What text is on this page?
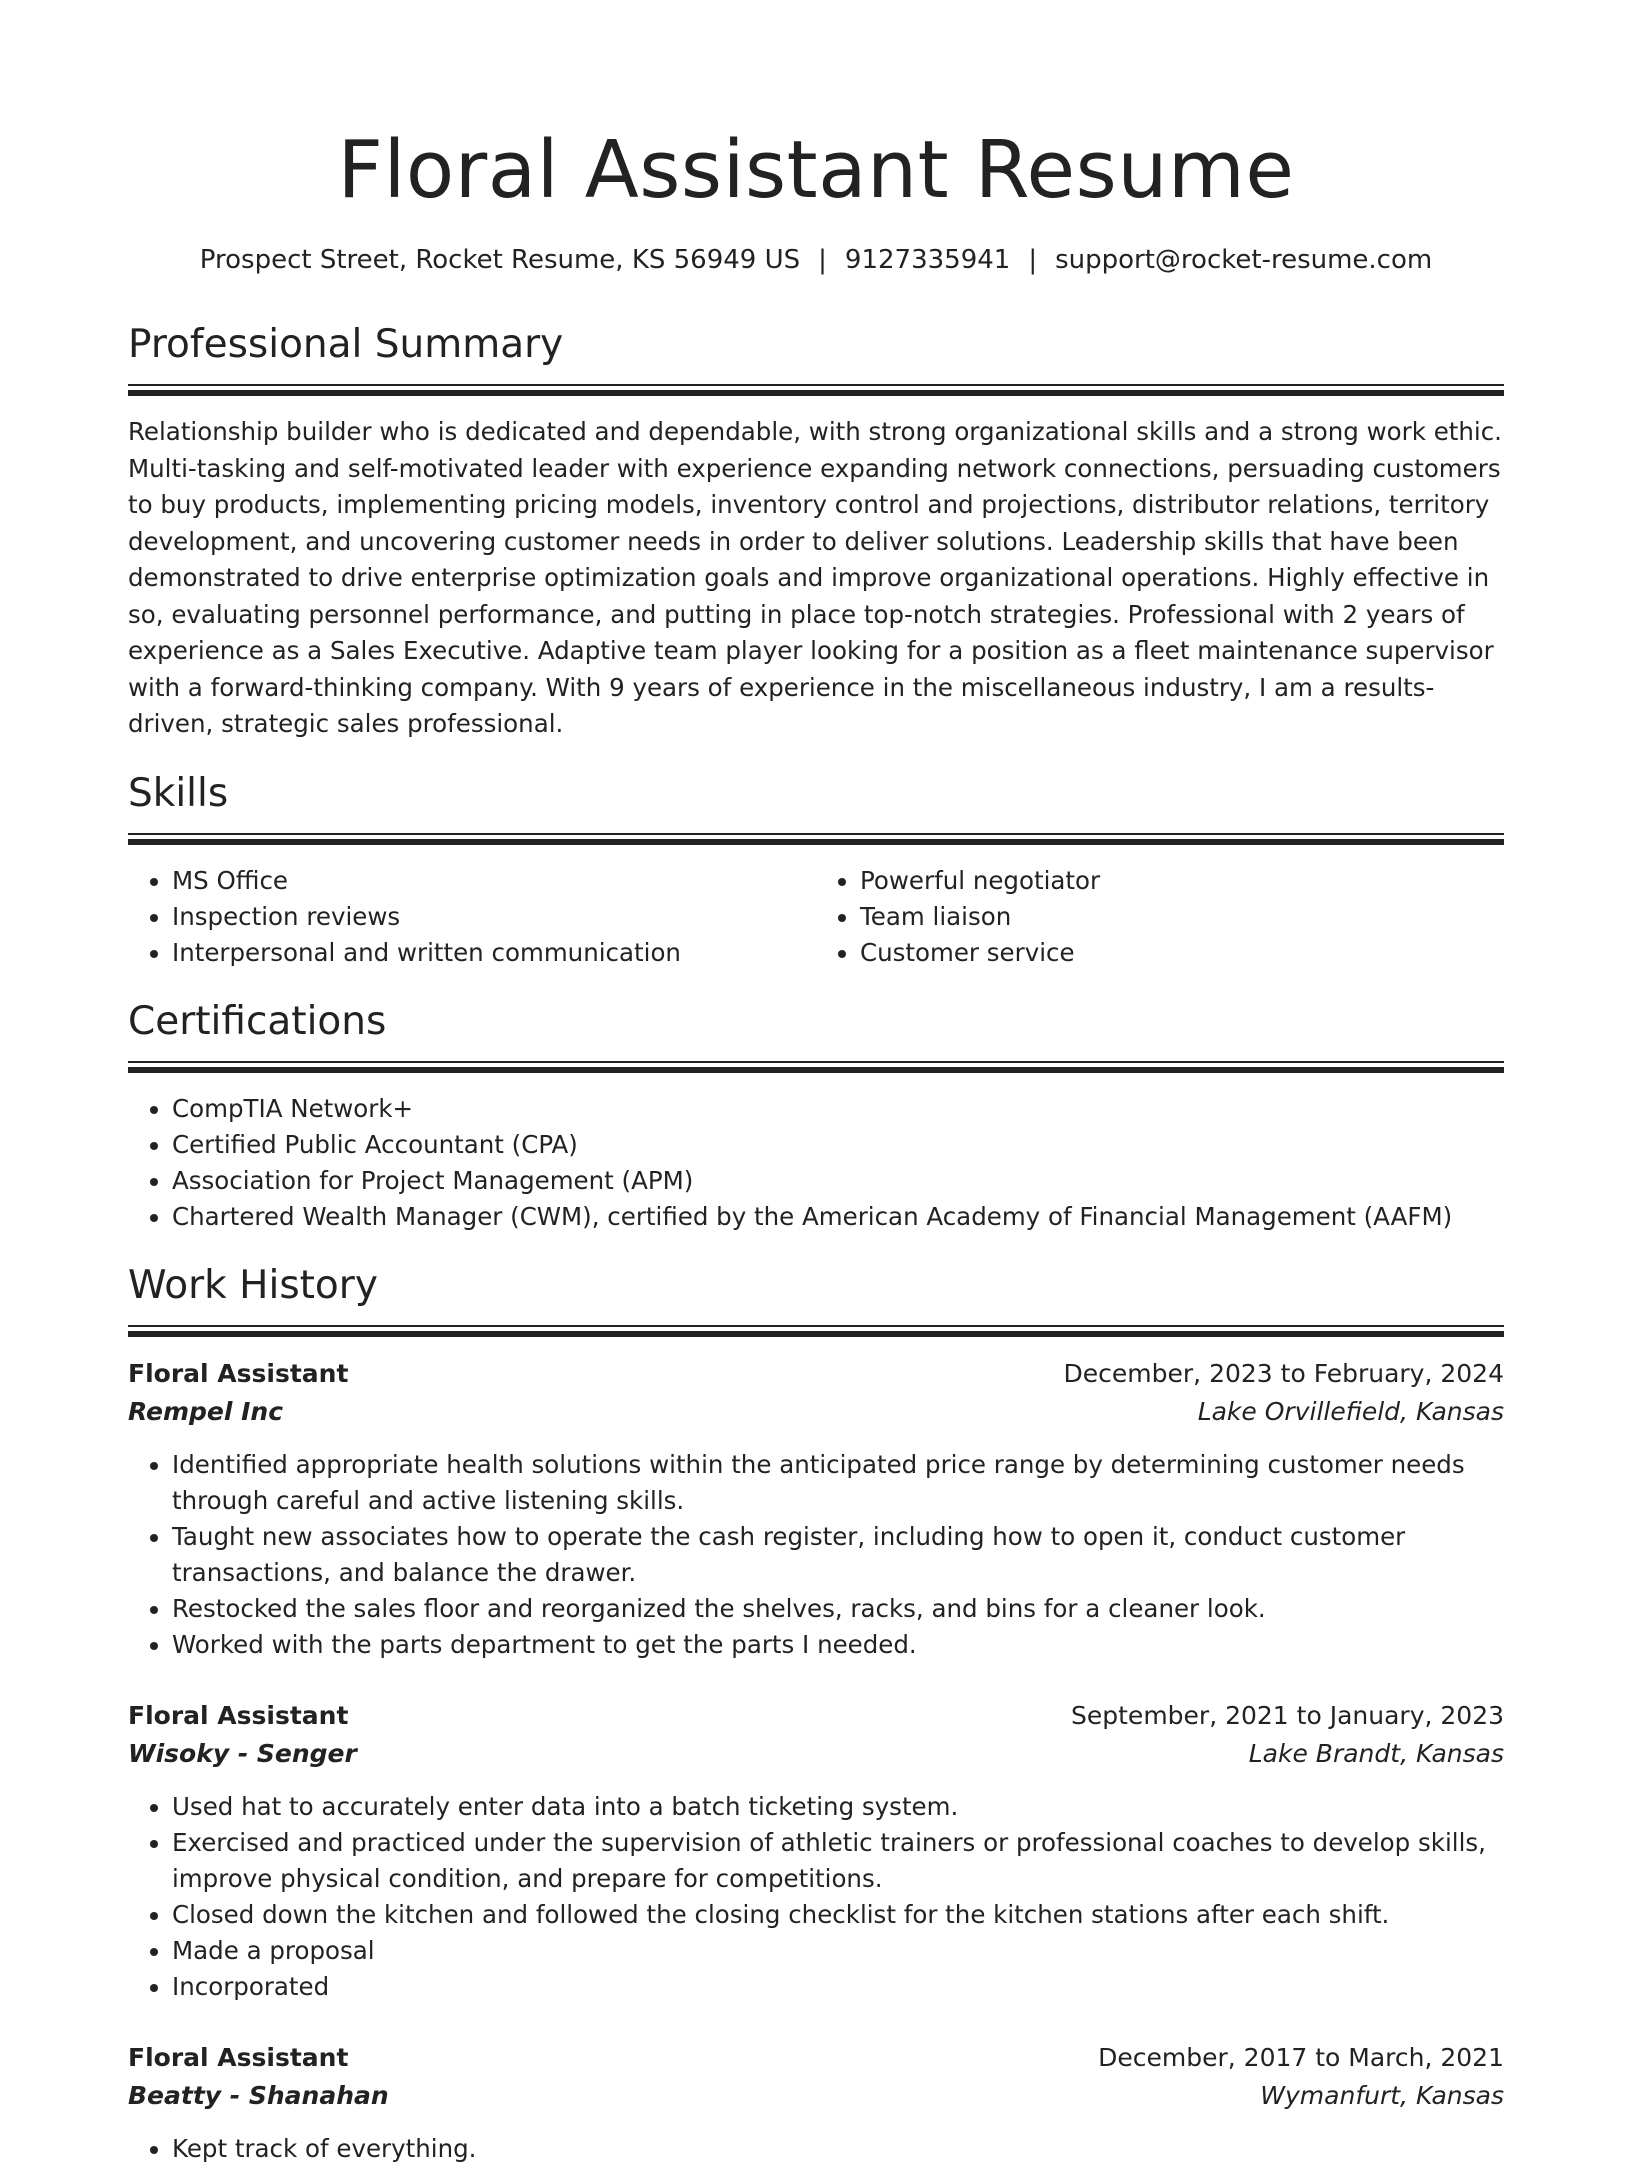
Floral Assistant Resume
Prospect Street, Rocket Resume, KS 56949 US | 9127335941 | support@rocket-resume.com
Professional Summary
Relationship builder who is dedicated and dependable, with strong organizational skills and a strong work ethic. Multi-tasking and self-motivated leader with experience expanding network connections, persuading customers to buy products, implementing pricing models, inventory control and projections, distributor relations, territory development, and uncovering customer needs in order to deliver solutions. Leadership skills that have been demonstrated to drive enterprise optimization goals and improve organizational operations. Highly effective in so, evaluating personnel performance, and putting in place top-notch strategies. Professional with 2 years of experience as a Sales Executive. Adaptive team player looking for a position as a fleet maintenance supervisor with a forward-thinking company. With 9 years of experience in the miscellaneous industry, I am a results-driven, strategic sales professional.
Skills
• MS Office
• Inspection reviews
• Interpersonal and written communication
• Powerful negotiator
• Team liaison
• Customer service
Certifications
• CompTIA Network+
• Certified Public Accountant (CPA)
• Association for Project Management (APM)
• Chartered Wealth Manager (CWM), certified by the American Academy of Financial Management (AAFM)
Work History
Floral Assistant	December, 2023 to February, 2024
Rempel Inc	Lake Orvillefield, Kansas
• Identified appropriate health solutions within the anticipated price range by determining customer needs through careful and active listening skills.
• Taught new associates how to operate the cash register, including how to open it, conduct customer transactions, and balance the drawer.
• Restocked the sales floor and reorganized the shelves, racks, and bins for a cleaner look.
• Worked with the parts department to get the parts I needed.
Floral Assistant	September, 2021 to January, 2023
Wisoky - Senger	Lake Brandt, Kansas
• Used hat to accurately enter data into a batch ticketing system.
• Exercised and practiced under the supervision of athletic trainers or professional coaches to develop skills, improve physical condition, and prepare for competitions.
• Closed down the kitchen and followed the closing checklist for the kitchen stations after each shift.
• Made a proposal
• Incorporated
Floral Assistant	December, 2017 to March, 2021
Beatty - Shanahan	Wymanfurt, Kansas
• Kept track of everything.
